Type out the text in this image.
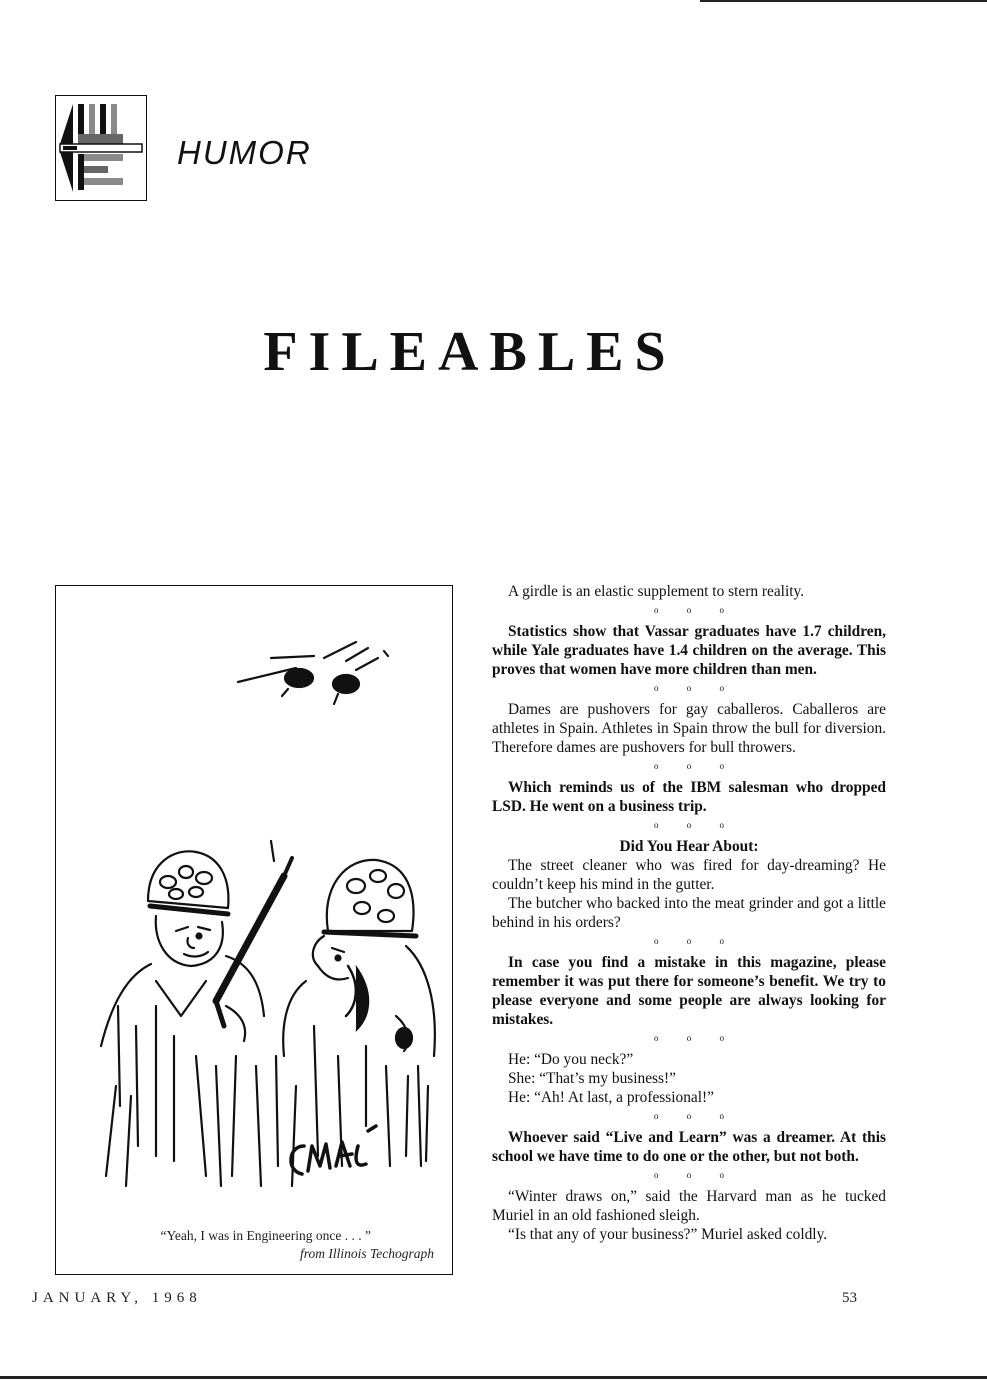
HUMOR
FILEABLES
“Yeah, I was in Engineering once . . . ”
from Illinois Techograph

A girdle is an elastic supplement to stern reality.

o o o

Statistics show that Vassar graduates have 1.7 children, while Yale graduates have 1.4 children on the average. This proves that women have more children than men.

o o o

Dames are pushovers for gay caballeros. Caballeros are athletes in Spain. Athletes in Spain throw the bull for diversion. Therefore dames are pushovers for bull throwers.

o o o

Which reminds us of the IBM salesman who dropped LSD. He went on a business trip.

o o o

Did You Hear About:

The street cleaner who was fired for day-dreaming? He couldn’t keep his mind in the gutter.

The butcher who backed into the meat grinder and got a little behind in his orders?

o o o

In case you find a mistake in this magazine, please remember it was put there for someone’s benefit. We try to please everyone and some people are always looking for mistakes.

o o o

He: “Do you neck?”

She: “That’s my business!”

He: “Ah! At last, a professional!”

o o o

Whoever said “Live and Learn” was a dreamer. At this school we have time to do one or the other, but not both.

o o o

“Winter draws on,” said the Harvard man as he tucked Muriel in an old fashioned sleigh.

“Is that any of your business?” Muriel asked coldly.

JANUARY, 1968	53
